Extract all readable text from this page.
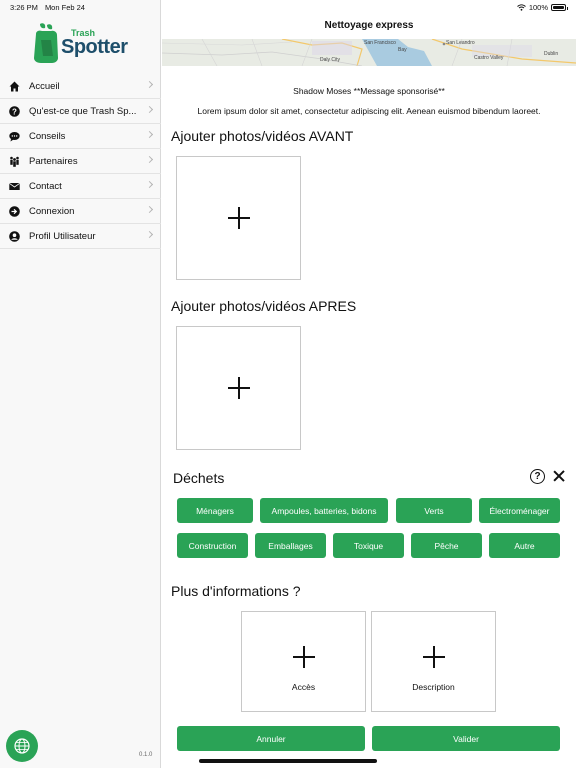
Trash
Spotter
Accueil
? Qu'est-ce que Trash Sp...
Conseils
Partenaires
Contact
Connexion
Profil Utilisateur
0.1.0
3:26 PM Mon Feb 24	100%
Nettoyage express
San Francisco
Bay
San Leandro
Daly City	Castro Valley
Dublin
Shadow Moses **Message sponsorisé**
Lorem ipsum dolor sit amet, consectetur adipiscing elit. Aenean euismod bibendum laoreet.
Ajouter photos/vidéos AVANT
Ajouter photos/vidéos APRES
Déchets	?
Ménagers	Ampoules, batteries, bidons	Verts	Électroménager
Construction	Emballages	Toxique	Pêche	Autre
Plus d'informations ?
Accès	Description
Annuler	Valider
